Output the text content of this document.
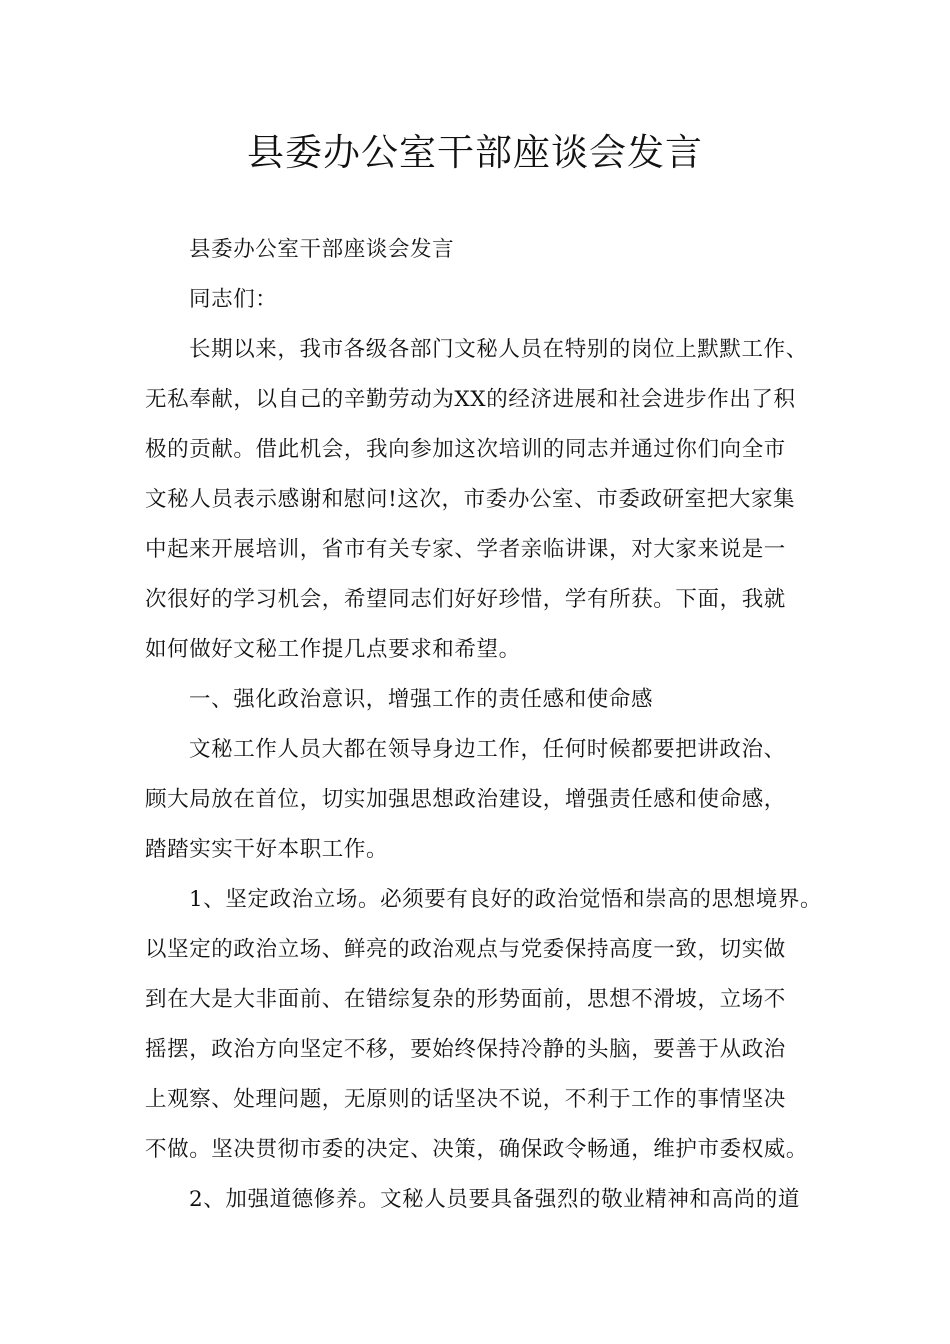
县委办公室干部座谈会发言
县委办公室干部座谈会发言
同志们：
长期以来，我市各级各部门文秘人员在特别的岗位上默默工作、
无私奉献，以自己的辛勤劳动为XX的经济进展和社会进步作出了积
极的贡献。借此机会，我向参加这次培训的同志并通过你们向全市
文秘人员表示感谢和慰问!这次，市委办公室、市委政研室把大家集
中起来开展培训，省市有关专家、学者亲临讲课，对大家来说是一
次很好的学习机会，希望同志们好好珍惜，学有所获。下面，我就
如何做好文秘工作提几点要求和希望。
一、强化政治意识，增强工作的责任感和使命感
文秘工作人员大都在领导身边工作，任何时候都要把讲政治、
顾大局放在首位，切实加强思想政治建设，增强责任感和使命感，
踏踏实实干好本职工作。
1、坚定政治立场。必须要有良好的政治觉悟和崇高的思想境界。
以坚定的政治立场、鲜亮的政治观点与党委保持高度一致，切实做
到在大是大非面前、在错综复杂的形势面前，思想不滑坡，立场不
摇摆，政治方向坚定不移，要始终保持冷静的头脑，要善于从政治
上观察、处理问题，无原则的话坚决不说，不利于工作的事情坚决
不做。坚决贯彻市委的决定、决策，确保政令畅通，维护市委权威。
2、加强道德修养。文秘人员要具备强烈的敬业精神和高尚的道
